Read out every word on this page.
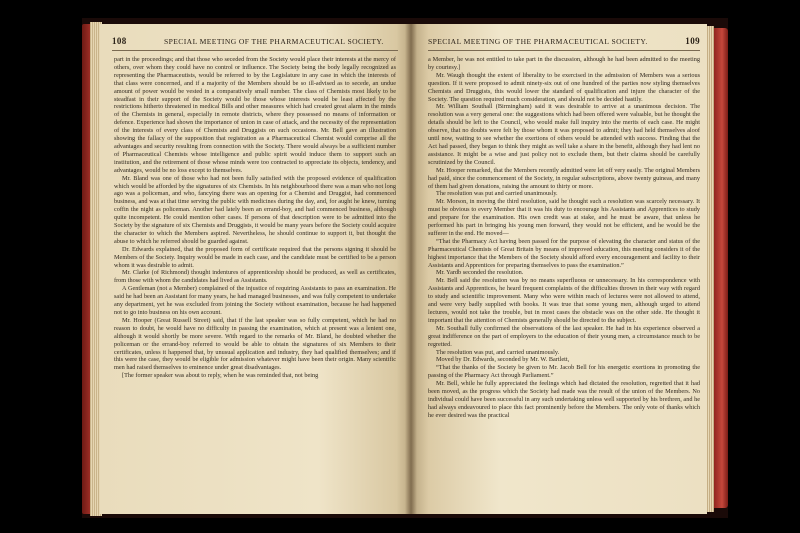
108	SPECIAL MEETING OF THE PHARMACEUTICAL SOCIETY.	SPECIAL MEETING OF THE PHARMACEUTICAL SOCIETY.	109

part in the proceedings; and that those who seceded from the Society would place their interests at the mercy of others, over whom they could have no control or influence. The Society being the body legally recognized as representing the Pharmaceutists, would be referred to by the Legislature in any case in which the interests of that class were concerned, and if a majority of the Members should be so ill-advised as to secede, an undue amount of power would be vested in a comparatively small number. The class of Chemists most likely to be steadfast in their support of the Society would be those whose interests would be least affected by the restrictions hitherto threatened in medical Bills and other measures which had created great alarm in the minds of the Chemists in general, especially in remote districts, where they possessed no means of information or defence. Experience had shown the importance of union in case of attack, and the necessity of the representation of the interests of every class of Chemists and Druggists on such occasions. Mr. Bell gave an illustration showing the fallacy of the supposition that registration as a Pharmaceutical Chemist would comprise all the advantages and security resulting from connection with the Society. There would always be a sufficient number of Pharmaceutical Chemists whose intelligence and public spirit would induce them to support such an institution, and the retirement of those whose minds were too contracted to appreciate its objects, tendency, and advantages, would be no loss except to themselves.

Mr. Bland was one of those who had not been fully satisfied with the proposed evidence of qualification which would be afforded by the signatures of six Chemists. In his neighbourhood there was a man who not long ago was a policeman, and who, fancying there was an opening for a Chemist and Druggist, had commenced business, and was at that time serving the public with medicines during the day, and, for aught he knew, turning coffin the night as policeman. Another had lately been an errand-boy, and had commenced business, although quite incompetent. He could mention other cases. If persons of that description were to be admitted into the Society by the signature of six Chemists and Druggists, it would be many years before the Society could acquire the character to which the Members aspired. Nevertheless, he should continue to support it, but thought the abuse to which he referred should be guarded against.

Dr. Edwards explained, that the proposed form of certificate required that the persons signing it should be Members of the Society. Inquiry would be made in each case, and the candidate must be certified to be a person whom it was desirable to admit.

Mr. Clarke (of Richmond) thought indentures of apprenticeship should be produced, as well as certificates, from those with whom the candidates had lived as Assistants.

A Gentleman (not a Member) complained of the injustice of requiring Assistants to pass an examination. He said he had been an Assistant for many years, he had managed businesses, and was fully competent to undertake any department, yet he was excluded from joining the Society without examination, because he had happened not to go into business on his own account.

Mr. Hooper (Great Russell Street) said, that if the last speaker was so fully competent, which he had no reason to doubt, he would have no difficulty in passing the examination, which at present was a lenient one, although it would shortly be more severe. With regard to the remarks of Mr. Bland, he doubted whether the policeman or the errand-boy referred to would be able to obtain the signatures of six Members to their certificates, unless it happened that, by unusual application and industry, they had qualified themselves; and if this were the case, they would be eligible for admission whatever might have been their origin. Many scientific men had raised themselves to eminence under great disadvantages.

[The former speaker was about to reply, when he was reminded that, not being

a Member, he was not entitled to take part in the discussion, although he had been admitted to the meeting by courtesy.]

Mr. Waugh thought the extent of liberality to be exercised in the admission of Members was a serious question. If it were proposed to admit ninety-six out of one hundred of the parties now styling themselves Chemists and Druggists, this would lower the standard of qualification and injure the character of the Society. The question required much consideration, and should not be decided hastily.

Mr. William Southall (Birmingham) said it was desirable to arrive at a unanimous decision. The resolution was a very general one: the suggestions which had been offered were valuable, but he thought the details should be left to the Council, who would make full inquiry into the merits of each case. He might observe, that no doubts were felt by those whom it was proposed to admit; they had held themselves aloof until now, waiting to see whether the exertions of others would be attended with success. Finding that the Act had passed, they began to think they might as well take a share in the benefit, although they had lent no assistance. It might be a wise and just policy not to exclude them, but their claims should be carefully scrutinized by the Council.

Mr. Hooper remarked, that the Members recently admitted were let off very easily. The original Members had paid, since the commencement of the Society, in regular subscriptions, above twenty guineas, and many of them had given donations, raising the amount to thirty or more.

The resolution was put and carried unanimously.

Mr. Morson, in moving the third resolution, said he thought such a resolution was scarcely necessary. It must be obvious to every Member that it was his duty to encourage his Assistants and Apprentices to study and prepare for the examination. His own credit was at stake, and he must be aware, that unless he performed his part in bringing his young men forward, they would not be efficient, and he would be the sufferer in the end. He moved—

“That the Pharmacy Act having been passed for the purpose of elevating the character and status of the Pharmaceutical Chemists of Great Britain by means of improved education, this meeting considers it of the highest importance that the Members of the Society should afford every encouragement and facility to their Assistants and Apprentices for preparing themselves to pass the examination.”

Mr. Yardb seconded the resolution.

Mr. Bell said the resolution was by no means superfluous or unnecessary. In his correspondence with Assistants and Apprentices, he heard frequent complaints of the difficulties thrown in their way with regard to study and scientific improvement. Many who were within reach of lectures were not allowed to attend, and were very badly supplied with books. It was true that some young men, although urged to attend lectures, would not take the trouble, but in most cases the obstacle was on the other side. He thought it important that the attention of Chemists generally should be directed to the subject.

Mr. Southall fully confirmed the observations of the last speaker. He had in his experience observed a great indifference on the part of employers to the education of their young men, a circumstance much to be regretted.

The resolution was put, and carried unanimously.

Moved by Dr. Edwards, seconded by Mr. W. Bartlett,

“That the thanks of the Society be given to Mr. Jacob Bell for his energetic exertions in promoting the passing of the Pharmacy Act through Parliament.”

Mr. Bell, while he fully appreciated the feelings which had dictated the resolution, regretted that it had been moved, as the progress which the Society had made was the result of the union of the Members. No individual could have been successful in any such undertaking unless well supported by his brethren, and he had always endeavoured to place this fact prominently before the Members. The only vote of thanks which he ever desired was the practical
